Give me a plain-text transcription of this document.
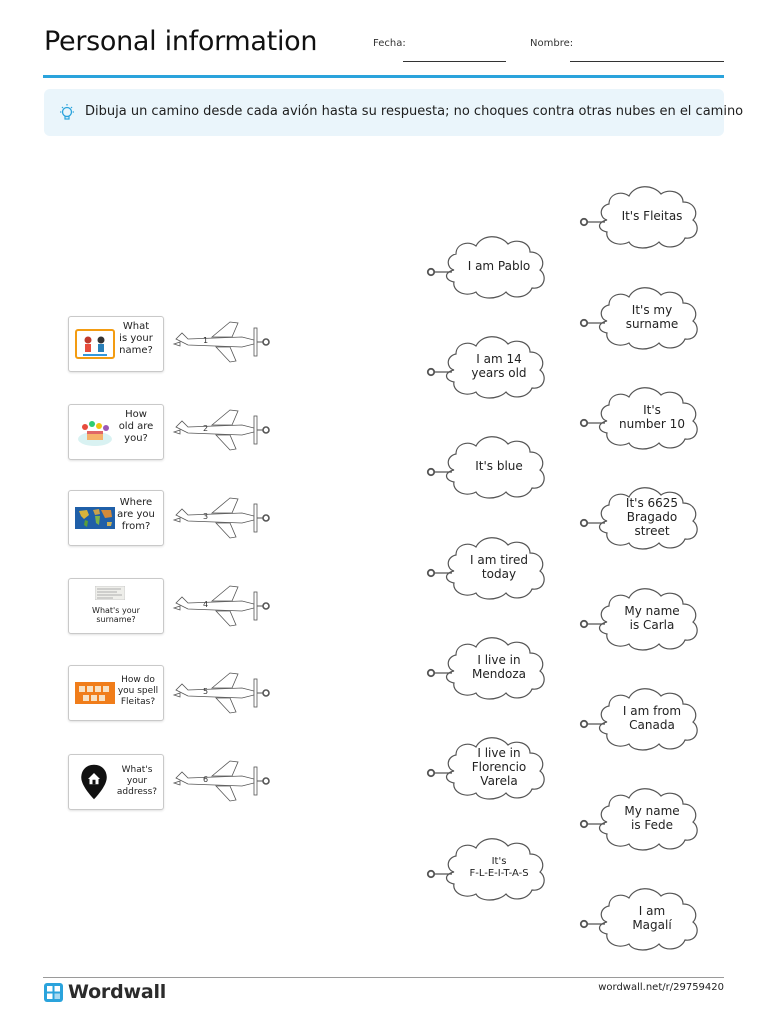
Personal information	Fecha:	Nombre:
Dibuja un camino desde cada avión hasta su respuesta; no choques contra otras nubes en el camino
What
is your
name?
How
old are
you?
Where
are you
from?
What's your
surname?
How do
you spell
Fleitas?
What's
your
address?
1
2
3
4
5
6
I am Pablo
I am 14
years old
It's blue
I am tired
today
I live in
Mendoza
I live in
Florencio
Varela
It's
F-L-E-I-T-A-S
It's Fleitas
It's my
surname
It's
number 10
It's 6625
Bragado
street
My name
is Carla
I am from
Canada
My name
is Fede
I am
Magalí
Wordwall	wordwall.net/r/29759420
